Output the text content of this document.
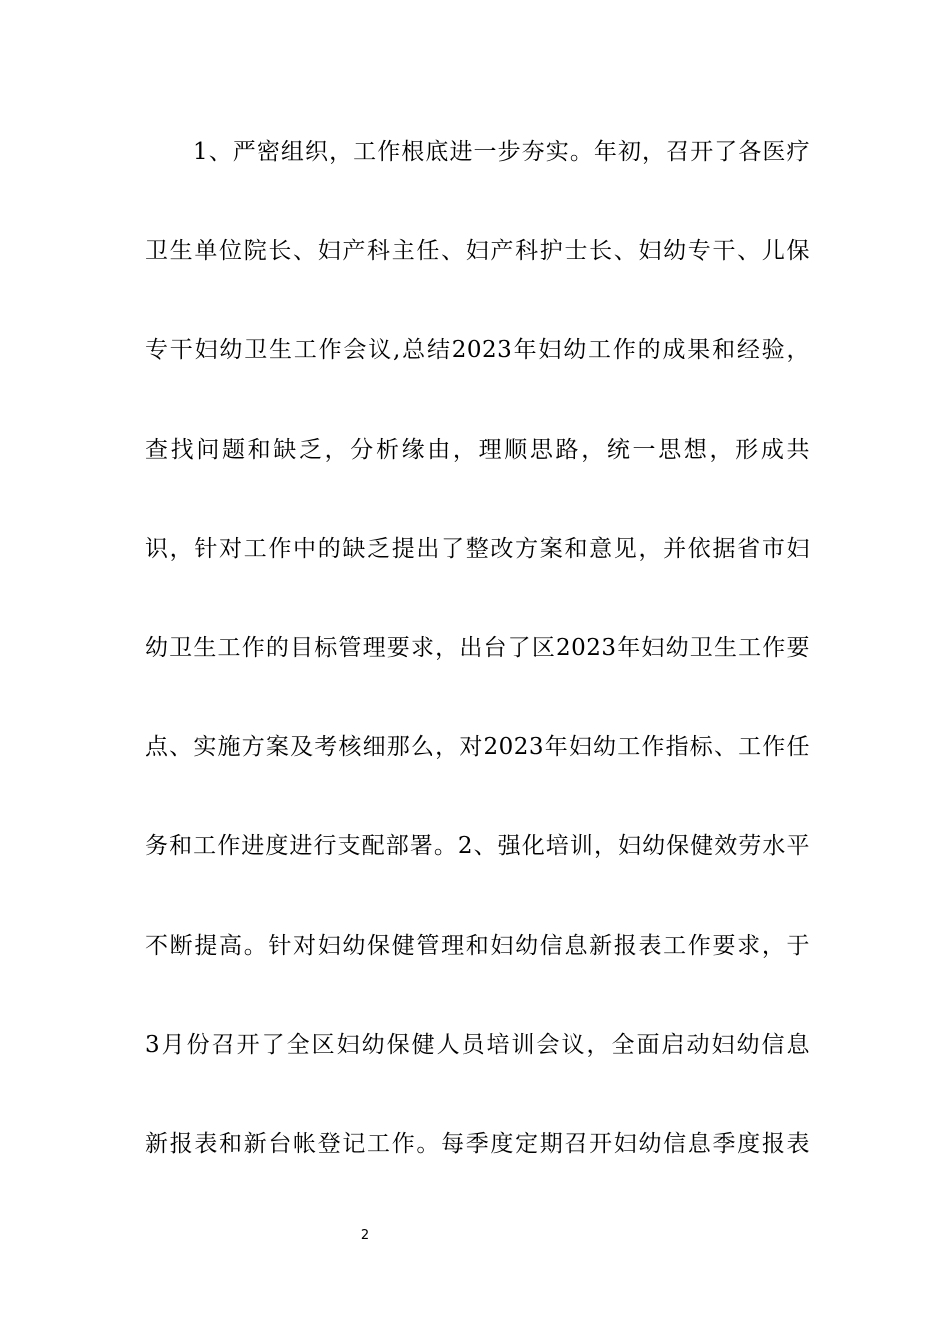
1、严密组织，工作根底进一步夯实。年初，召开了各医疗
卫生单位院长、妇产科主任、妇产科护士长、妇幼专干、儿保
专干妇幼卫生工作会议,总结2023年妇幼工作的成果和经验，
查找问题和缺乏，分析缘由，理顺思路，统一思想，形成共
识，针对工作中的缺乏提出了整改方案和意见，并依据省市妇
幼卫生工作的目标管理要求，出台了区2023年妇幼卫生工作要
点、实施方案及考核细那么，对2023年妇幼工作指标、工作任
务和工作进度进行支配部署。2、强化培训，妇幼保健效劳水平
不断提高。针对妇幼保健管理和妇幼信息新报表工作要求，于
3月份召开了全区妇幼保健人员培训会议，全面启动妇幼信息
新报表和新台帐登记工作。每季度定期召开妇幼信息季度报表
2
